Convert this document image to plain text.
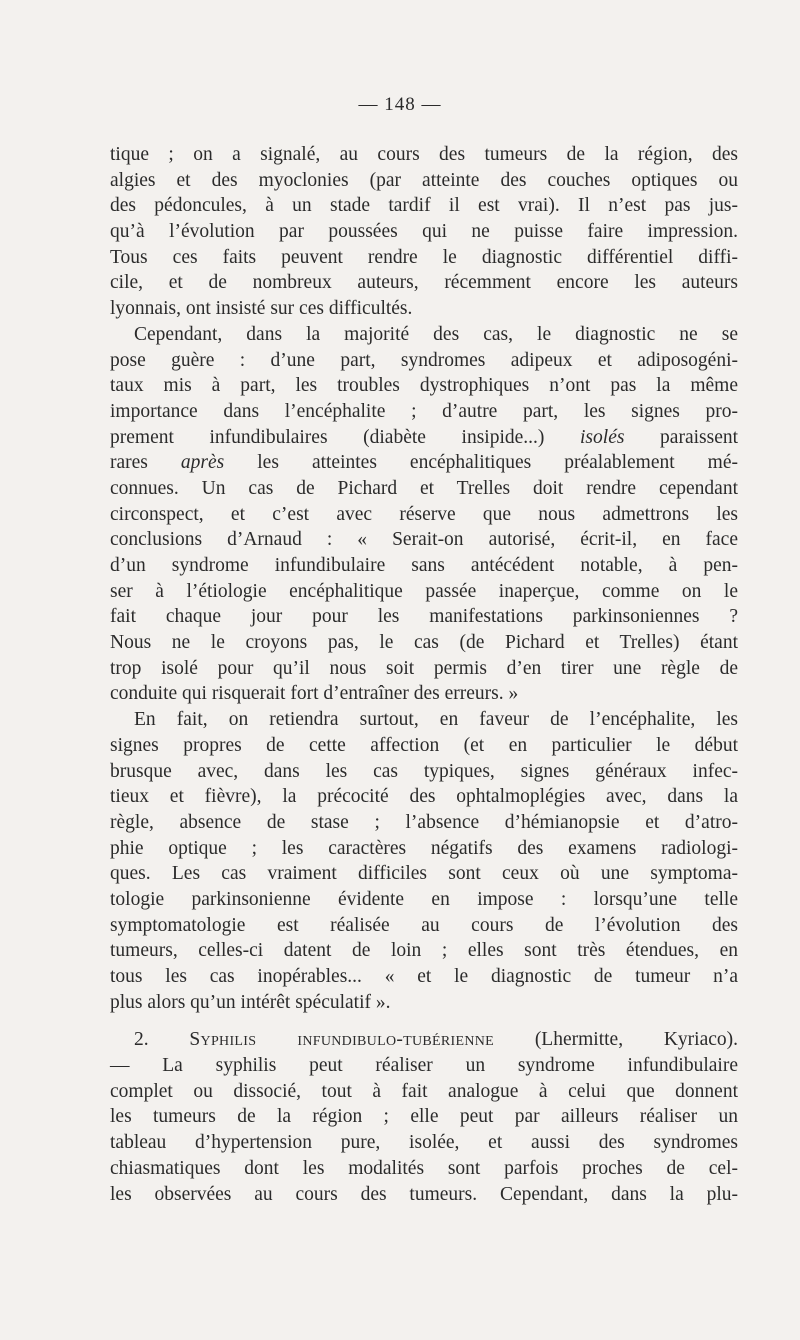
— 148 —
tique ; on a signalé, au cours des tumeurs de la région, des
algies et des myoclonies (par atteinte des couches optiques ou
des pédoncules, à un stade tardif il est vrai). Il n’est pas jus-
qu’à l’évolution par poussées qui ne puisse faire impression.
Tous ces faits peuvent rendre le diagnostic différentiel diffi-
cile, et de nombreux auteurs, récemment encore les auteurs
lyonnais, ont insisté sur ces difficultés.
Cependant, dans la majorité des cas, le diagnostic ne se
pose guère : d’une part, syndromes adipeux et adiposogéni-
taux mis à part, les troubles dystrophiques n’ont pas la même
importance dans l’encéphalite ; d’autre part, les signes pro-
prement infundibulaires (diabète insipide...) isolés paraissent
rares après les atteintes encéphalitiques préalablement mé-
connues. Un cas de Pichard et Trelles doit rendre cependant
circonspect, et c’est avec réserve que nous admettrons les
conclusions d’Arnaud : « Serait-on autorisé, écrit-il, en face
d’un syndrome infundibulaire sans antécédent notable, à pen-
ser à l’étiologie encéphalitique passée inaperçue, comme on le
fait chaque jour pour les manifestations parkinsoniennes ?
Nous ne le croyons pas, le cas (de Pichard et Trelles) étant
trop isolé pour qu’il nous soit permis d’en tirer une règle de
conduite qui risquerait fort d’entraîner des erreurs. »
En fait, on retiendra surtout, en faveur de l’encéphalite, les
signes propres de cette affection (et en particulier le début
brusque avec, dans les cas typiques, signes généraux infec-
tieux et fièvre), la précocité des ophtalmoplégies avec, dans la
règle, absence de stase ; l’absence d’hémianopsie et d’atro-
phie optique ; les caractères négatifs des examens radiologi-
ques. Les cas vraiment difficiles sont ceux où une symptoma-
tologie parkinsonienne évidente en impose : lorsqu’une telle
symptomatologie est réalisée au cours de l’évolution des
tumeurs, celles-ci datent de loin ; elles sont très étendues, en
tous les cas inopérables... « et le diagnostic de tumeur n’a
plus alors qu’un intérêt spéculatif ».
2. Syphilis infundibulo-tubérienne (Lhermitte, Kyriaco).
— La syphilis peut réaliser un syndrome infundibulaire
complet ou dissocié, tout à fait analogue à celui que donnent
les tumeurs de la région ; elle peut par ailleurs réaliser un
tableau d’hypertension pure, isolée, et aussi des syndromes
chiasmatiques dont les modalités sont parfois proches de cel-
les observées au cours des tumeurs. Cependant, dans la plu-
